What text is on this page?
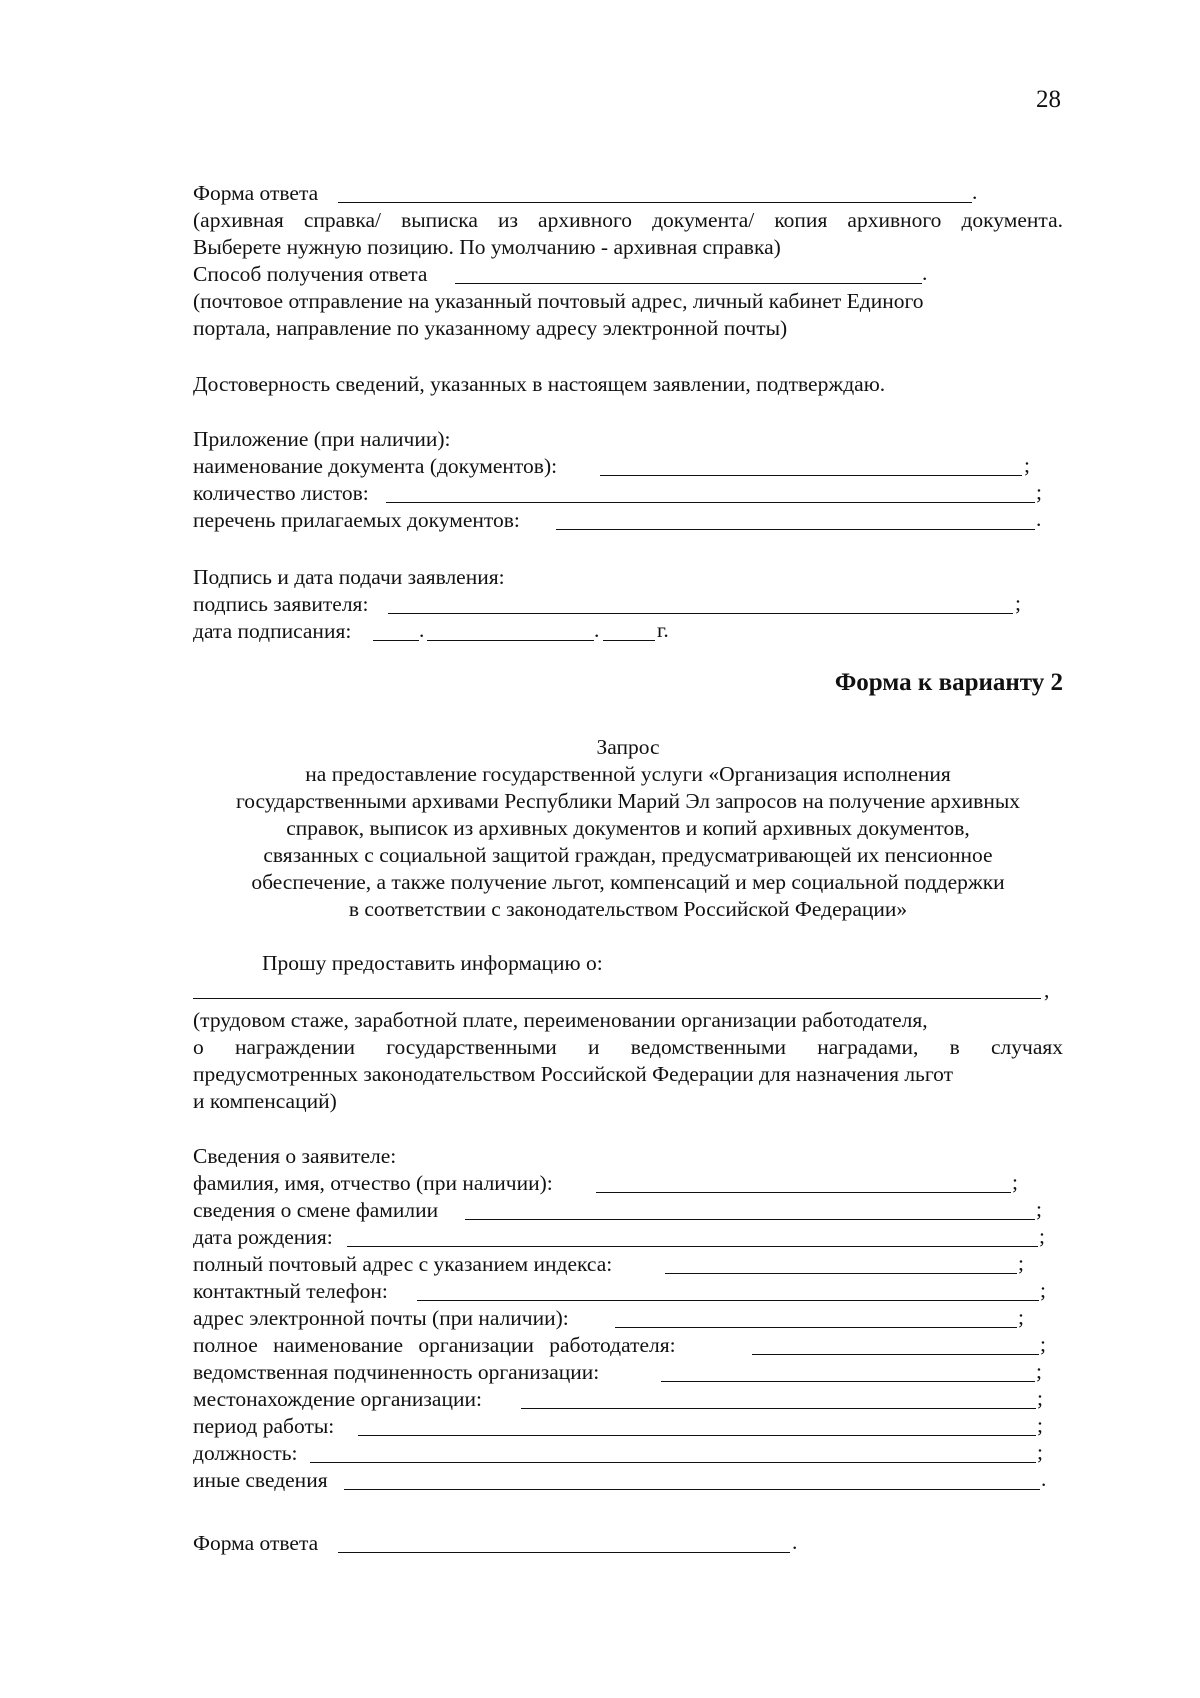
28
Форма ответа	.
(архивная справка/ выписка из архивного документа/ копия архивного документа.
Выберете нужную позицию. По умолчанию - архивная справка)
Способ получения ответа	.
(почтовое отправление на указанный почтовый адрес, личный кабинет Единого
портала, направление по указанному адресу электронной почты)
Достоверность сведений, указанных в настоящем заявлении, подтверждаю.
Приложение (при наличии):
наименование документа (документов):	;
количество листов:	;
перечень прилагаемых документов:	.
Подпись и дата подачи заявления:
подпись заявителя:	;
дата подписания:	.	.	г.
Форма к варианту 2
Запрос
на предоставление государственной услуги «Организация исполнения
государственными архивами Республики Марий Эл запросов на получение архивных
справок, выписок из архивных документов и копий архивных документов,
связанных с социальной защитой граждан, предусматривающей их пенсионное
обеспечение, а также получение льгот, компенсаций и мер социальной поддержки
в соответствии с законодательством Российской Федерации»
Прошу предоставить информацию о:
,
(трудовом стаже, заработной плате, переименовании организации работодателя,
о награждении государственными и ведомственными наградами, в случаях
предусмотренных законодательством Российской Федерации для назначения льгот
и компенсаций)
Сведения о заявителе:
фамилия, имя, отчество (при наличии):	;
сведения о смене фамилии	;
дата рождения:	;
полный почтовый адрес с указанием индекса:	;
контактный телефон:	;
адрес электронной почты (при наличии):	;
полное наименование организации работодателя:	;
ведомственная подчиненность организации:	;
местонахождение организации:	;
период работы:	;
должность:	;
иные сведения	.
Форма ответа	.
